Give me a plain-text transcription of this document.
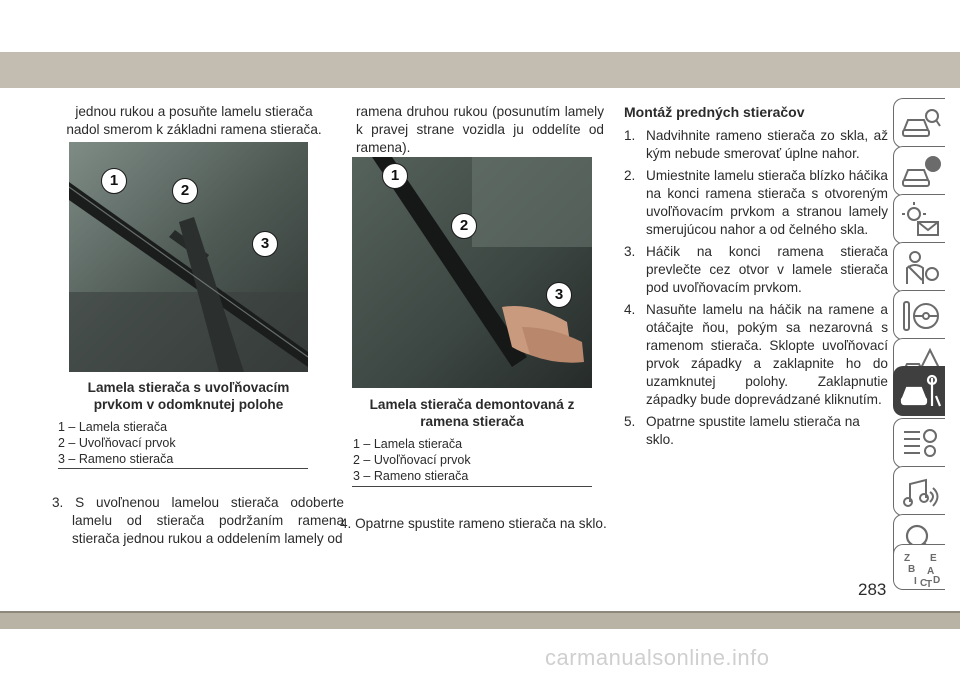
jednou rukou a posuňte lamelu stierača nadol smerom k základni ramena stierača.
1
2
3
Lamela stierača s uvoľňovacím prvkom v odomknutej polohe
1 – Lamela stierača
2 – Uvoľňovací prvok
3 – Rameno stierača
3. S uvoľnenou lamelou stierača odoberte lamelu od stierača podržaním ramena stierača jednou rukou a oddelením lamely od
ramena druhou rukou (posunutím lamely k pravej strane vozidla ju oddelíte od ramena).
1
2
3
Lamela stierača demontovaná z ramena stierača
1 – Lamela stierača
2 – Uvoľňovací prvok
3 – Rameno stierača
4. Opatrne spustite rameno stierača na sklo.
Montáž predných stieračov
1. Nadvihnite rameno stierača zo skla, až kým nebude smerovať úplne nahor.
2. Umiestnite lamelu stierača blízko háčika na konci ramena stierača s otvoreným uvoľňovacím prvkom a stranou lamely smerujúcou nahor a od čelného skla.
3. Háčik na konci ramena stierača prevlečte cez otvor v lamele stierača pod uvoľňovacím prvkom.
4. Nasuňte lamelu na háčik na ramene a otáčajte ňou, pokým sa nezarovná s ramenom stierača. Sklopte uvoľňovací prvok západky a zaklapnite ho do uzamknutej polohy. Zaklapnutie západky bude doprevádzané kliknutím.
5. Opatrne spustite lamelu stierača na sklo.
Z E
B A
I D
C
T
283
carmanualsonline.info
